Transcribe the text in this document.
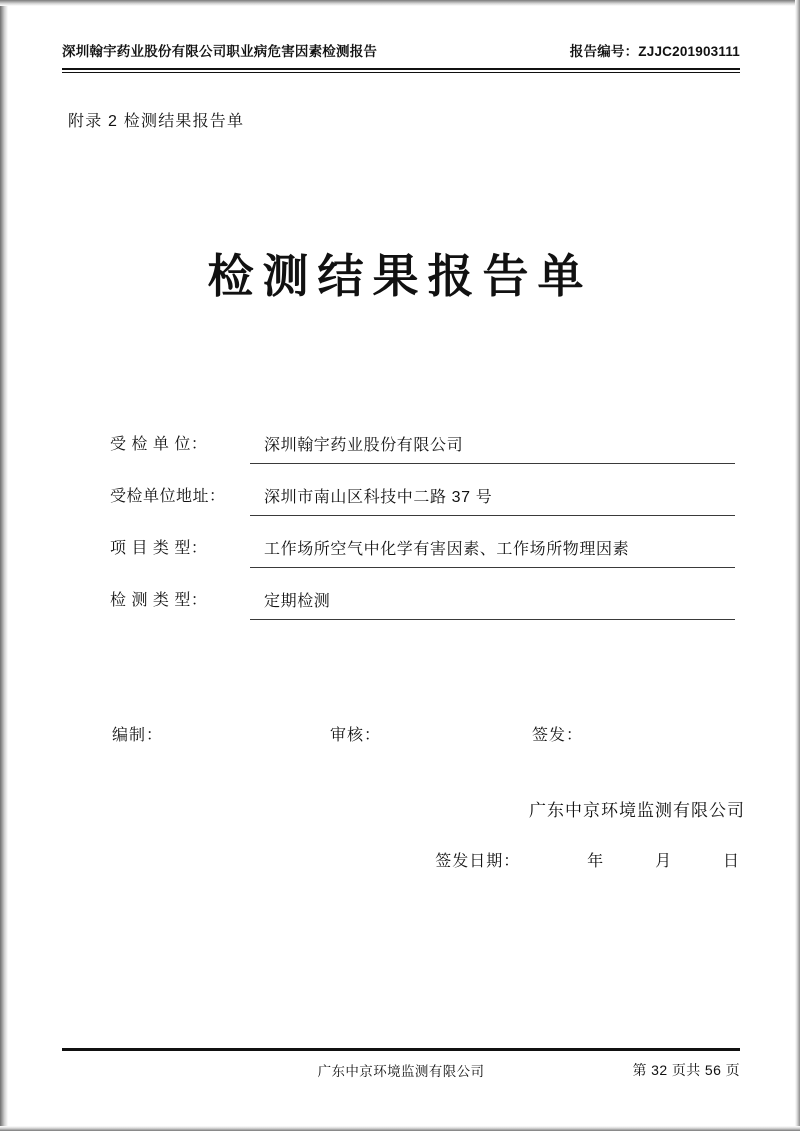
深圳翰宇药业股份有限公司职业病危害因素检测报告	报告编号：ZJJC201903111
附录 2 检测结果报告单
检测结果报告单
受 检 单 位：	深圳翰宇药业股份有限公司
受检单位地址：	深圳市南山区科技中二路 37 号
项 目 类 型：	工作场所空气中化学有害因素、工作场所物理因素
检 测 类 型：	定期检测
编制：	审核：	签发：
广东中京环境监测有限公司
签发日期：	年	月	日
广东中京环境监测有限公司	第 32 页共 56 页
